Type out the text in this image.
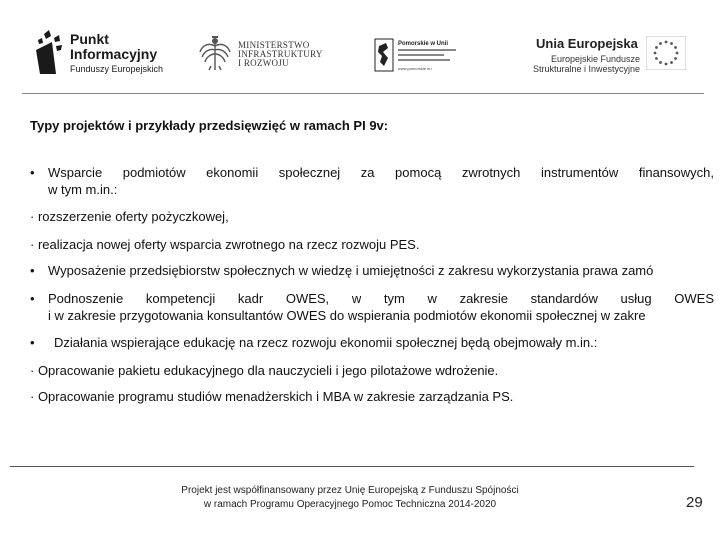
Punkt
Informacyjny
Funduszy Europejskich
MINISTERSTWO
INFRASTRUKTURY
I ROZWOJU
Pomorskie w Unii
www.pomorskie.eu
Unia Europejska
Europejskie Fundusze
Strukturalne i Inwestycyjne
Typy projektów i przykłady przedsięwzięć w ramach PI 9v:
•	Wsparcie podmiotów ekonomii społecznej za pomocą zwrotnych instrumentów finansowych,
w tym m.in.:
· rozszerzenie oferty pożyczkowej,
· realizacja nowej oferty wsparcia zwrotnego na rzecz rozwoju PES.
•	Wyposażenie przedsiębiorstw społecznych w wiedzę i umiejętności z zakresu wykorzystania prawa zamó
•	Podnoszenie kompetencji kadr OWES, w tym w zakresie standardów usług OWES
i w zakresie przygotowania konsultantów OWES do wspierania podmiotów ekonomii społecznej w zakre
•	Działania wspierające edukację na rzecz rozwoju ekonomii społecznej będą obejmowały m.in.:
· Opracowanie pakietu edukacyjnego dla nauczycieli i jego pilotażowe wdrożenie.
· Opracowanie programu studiów menadżerskich i MBA w zakresie zarządzania PS.
Projekt jest współfinansowany przez Unię Europejską z Funduszu Spójności
w ramach Programu Operacyjnego Pomoc Techniczna 2014-2020	29
